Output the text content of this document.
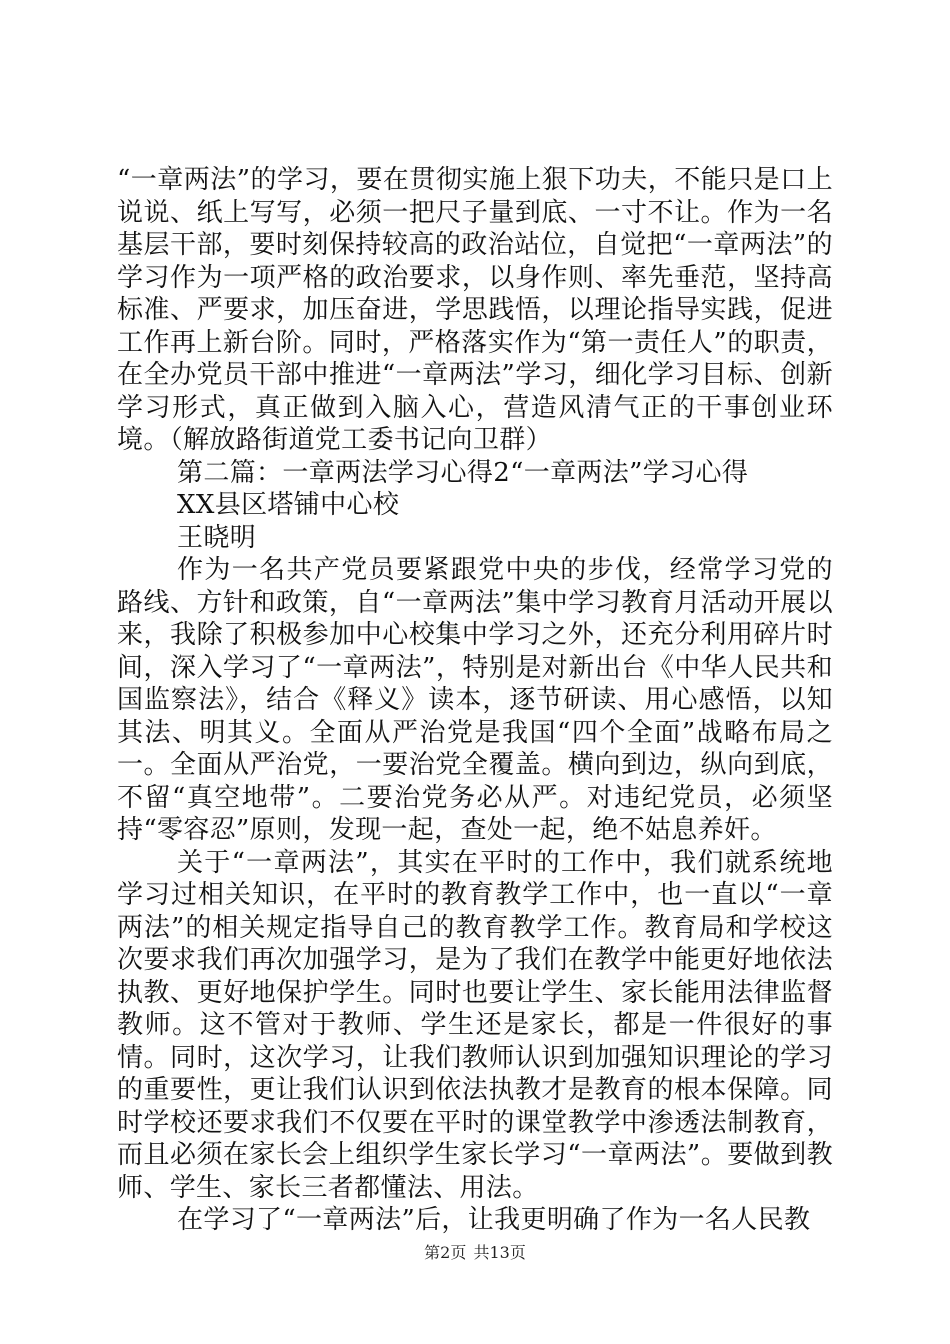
“一章两法”的学习，要在贯彻实施上狠下功夫，不能只是口上说说、纸上写写，必须一把尺子量到底、一寸不让。作为一名基层干部，要时刻保持较高的政治站位，自觉把“一章两法”的学习作为一项严格的政治要求，以身作则、率先垂范，坚持高标准、严要求，加压奋进，学思践悟，以理论指导实践，促进工作再上新台阶。同时，严格落实作为“第一责任人”的职责，在全办党员干部中推进“一章两法”学习，细化学习目标、创新学习形式，真正做到入脑入心，营造风清气正的干事创业环境。（解放路街道党工委书记向卫群）

第二篇：一章两法学习心得2“一章两法”学习心得

XX县区塔铺中心校

王晓明

作为一名共产党员要紧跟党中央的步伐，经常学习党的路线、方针和政策，自“一章两法”集中学习教育月活动开展以来，我除了积极参加中心校集中学习之外，还充分利用碎片时间，深入学习了“一章两法”，特别是对新出台《中华人民共和国监察法》，结合《释义》读本，逐节研读、用心感悟，以知其法、明其义。全面从严治党是我国“四个全面”战略布局之一。全面从严治党，一要治党全覆盖。横向到边，纵向到底，不留“真空地带”。二要治党务必从严。对违纪党员，必须坚持“零容忍”原则，发现一起，查处一起，绝不姑息养奸。

关于“一章两法”，其实在平时的工作中，我们就系统地学习过相关知识，在平时的教育教学工作中，也一直以“一章两法”的相关规定指导自己的教育教学工作。教育局和学校这次要求我们再次加强学习，是为了我们在教学中能更好地依法执教、更好地保护学生。同时也要让学生、家长能用法律监督教师。这不管对于教师、学生还是家长，都是一件很好的事情。同时，这次学习，让我们教师认识到加强知识理论的学习的重要性，更让我们认识到依法执教才是教育的根本保障。同时学校还要求我们不仅要在平时的课堂教学中渗透法制教育，而且必须在家长会上组织学生家长学习“一章两法”。要做到教师、学生、家长三者都懂法、用法。

在学习了“一章两法”后，让我更明确了作为一名人民教

第2页 共13页
